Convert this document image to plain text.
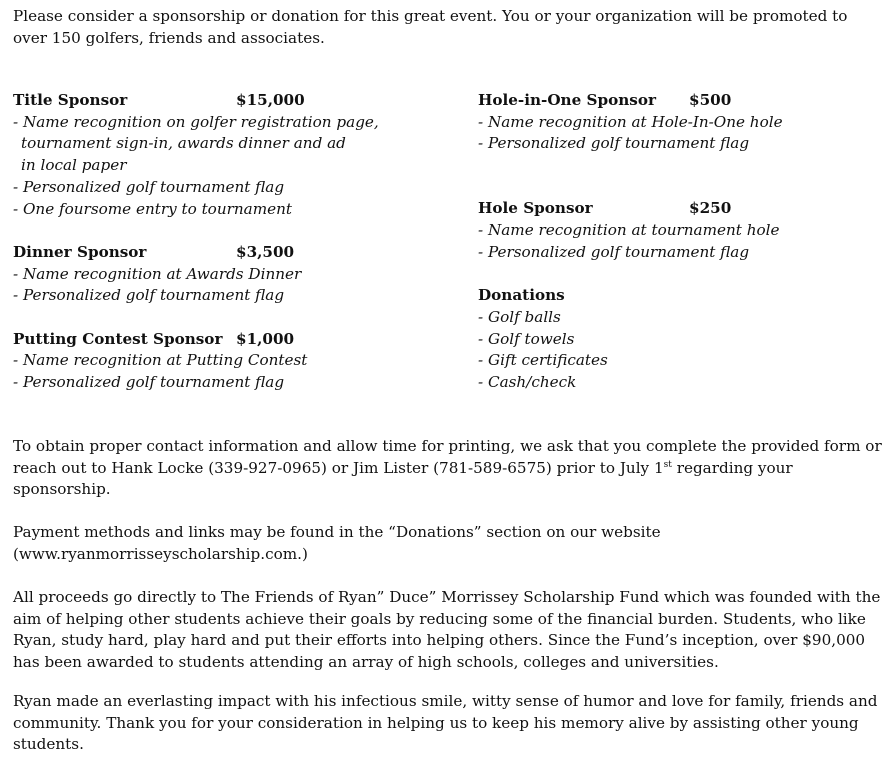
Please consider a sponsorship or donation for this great event. You or your organization will be promoted to over 150 golfers, friends and associates.

Title Sponsor	$15,000
- Name recognition on golfer registration page,
tournament sign-in, awards dinner and ad
in local paper
- Personalized golf tournament flag
- One foursome entry to tournament
Dinner Sponsor	$3,500
- Name recognition at Awards Dinner
- Personalized golf tournament flag
Putting Contest Sponsor $1,000
- Name recognition at Putting Contest
- Personalized golf tournament flag
Hole-in-One Sponsor $500
- Name recognition at Hole-In-One hole
- Personalized golf tournament flag
Hole Sponsor	$250
- Name recognition at tournament hole
- Personalized golf tournament flag
Donations
- Golf balls
- Golf towels
- Gift certificates
- Cash/check

To obtain proper contact information and allow time for printing, we ask that you complete the provided form or reach out to Hank Locke (339-927-0965) or Jim Lister (781-589-6575) prior to July 1st regarding your sponsorship.

Payment methods and links may be found in the “Donations” section on our website (www.ryanmorrisseyscholarship.com.)

All proceeds go directly to The Friends of Ryan” Duce” Morrissey Scholarship Fund which was founded with the aim of helping other students achieve their goals by reducing some of the financial burden. Students, who like Ryan, study hard, play hard and put their efforts into helping others. Since the Fund’s inception, over $90,000 has been awarded to students attending an array of high schools, colleges and universities.

Ryan made an everlasting impact with his infectious smile, witty sense of humor and love for family, friends and community. Thank you for your consideration in helping us to keep his memory alive by assisting other young students.
